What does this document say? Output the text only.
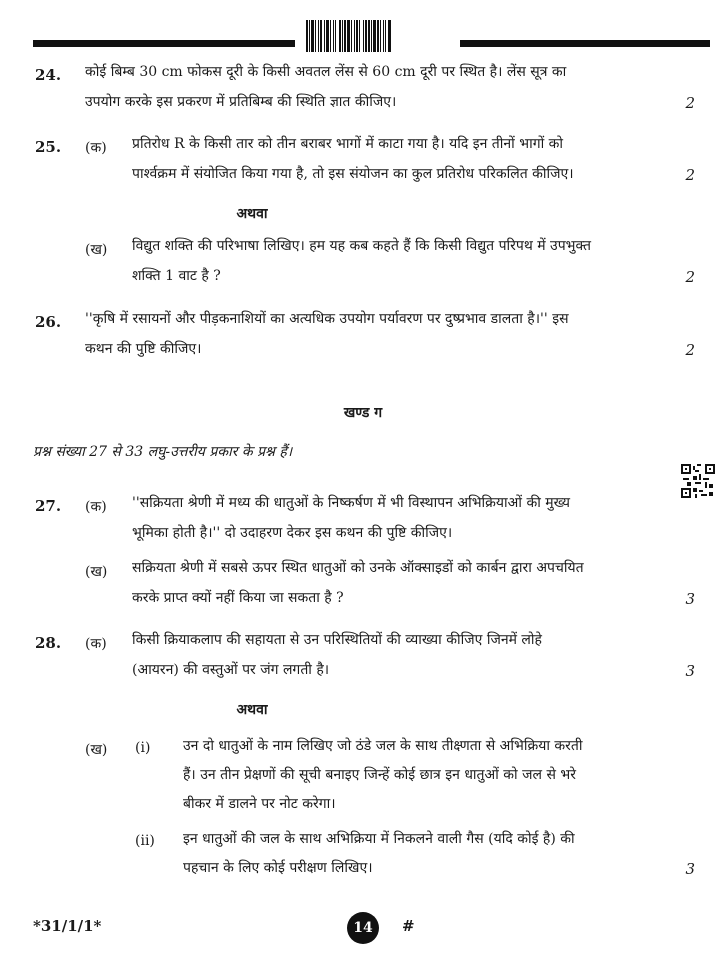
24. कोई बिम्ब 30 cm फोकस दूरी के किसी अवतल लेंस से 60 cm दूरी पर स्थित है। लेंस सूत्र का
उपयोग करके इस प्रकरण में प्रतिबिम्ब की स्थिति ज्ञात कीजिए।	2
25. (क) प्रतिरोध R के किसी तार को तीन बराबर भागों में काटा गया है। यदि इन तीनों भागों को
पार्श्वक्रम में संयोजित किया गया है, तो इस संयोजन का कुल प्रतिरोध परिकलित कीजिए।	2
अथवा
(ख) विद्युत शक्ति की परिभाषा लिखिए। हम यह कब कहते हैं कि किसी विद्युत परिपथ में उपभुक्त
शक्ति 1 वाट है ?	2
26. ''कृषि में रसायनों और पीड़कनाशियों का अत्यधिक उपयोग पर्यावरण पर दुष्प्रभाव डालता है।'' इस
कथन की पुष्टि कीजिए।	2
खण्ड ग
प्रश्न संख्या 27 से 33 लघु-उत्तरीय प्रकार के प्रश्न हैं।
27. (क) ''सक्रियता श्रेणी में मध्य की धातुओं के निष्कर्षण में भी विस्थापन अभिक्रियाओं की मुख्य
भूमिका होती है।'' दो उदाहरण देकर इस कथन की पुष्टि कीजिए।
(ख) सक्रियता श्रेणी में सबसे ऊपर स्थित धातुओं को उनके ऑक्साइडों को कार्बन द्वारा अपचयित
करके प्राप्त क्यों नहीं किया जा सकता है ?	3
28. (क) किसी क्रियाकलाप की सहायता से उन परिस्थितियों की व्याख्या कीजिए जिनमें लोहे
(आयरन) की वस्तुओं पर जंग लगती है।	3
अथवा
(ख) (i) उन दो धातुओं के नाम लिखिए जो ठंडे जल के साथ तीक्ष्णता से अभिक्रिया करती
हैं। उन तीन प्रेक्षणों की सूची बनाइए जिन्हें कोई छात्र इन धातुओं को जल से भरे
बीकर में डालने पर नोट करेगा।
(ii) इन धातुओं की जल के साथ अभिक्रिया में निकलने वाली गैस (यदि कोई है) की
पहचान के लिए कोई परीक्षण लिखिए।	3
*31/1/1*	14	#
